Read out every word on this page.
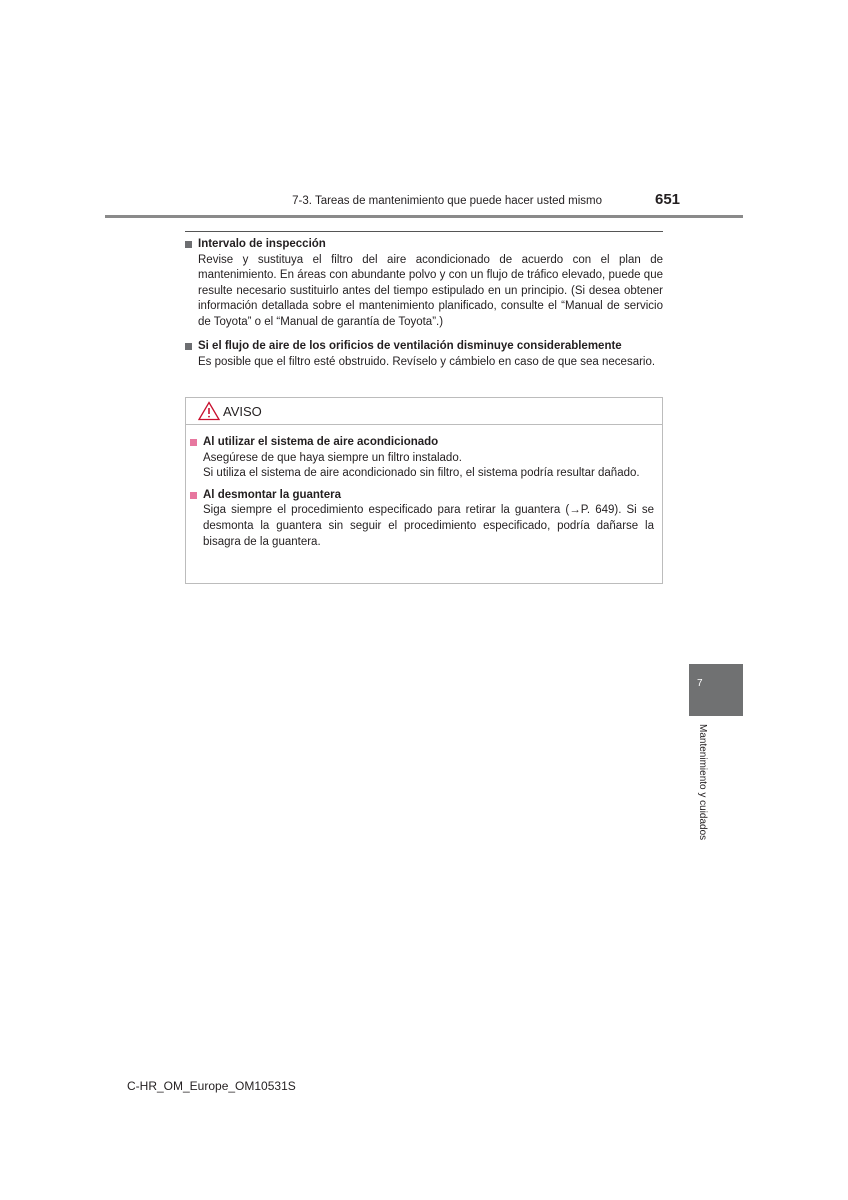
7-3. Tareas de mantenimiento que puede hacer usted mismo	651
Intervalo de inspección
Revise y sustituya el filtro del aire acondicionado de acuerdo con el plan de mantenimiento. En áreas con abundante polvo y con un flujo de tráfico elevado, puede que resulte necesario sustituirlo antes del tiempo estipulado en un principio. (Si desea obtener información detallada sobre el mantenimiento planificado, consulte el “Manual de servicio de Toyota” o el “Manual de garantía de Toyota”.)
Si el flujo de aire de los orificios de ventilación disminuye considerablemente
Es posible que el filtro esté obstruido. Revíselo y cámbielo en caso de que sea necesario.
AVISO
Al utilizar el sistema de aire acondicionado
Asegúrese de que haya siempre un filtro instalado.
Si utiliza el sistema de aire acondicionado sin filtro, el sistema podría resultar dañado.
Al desmontar la guantera
Siga siempre el procedimiento especificado para retirar la guantera (→P. 649). Si se desmonta la guantera sin seguir el procedimiento especificado, podría dañarse la bisagra de la guantera.
7
Mantenimiento y cuidados
C-HR_OM_Europe_OM10531S
